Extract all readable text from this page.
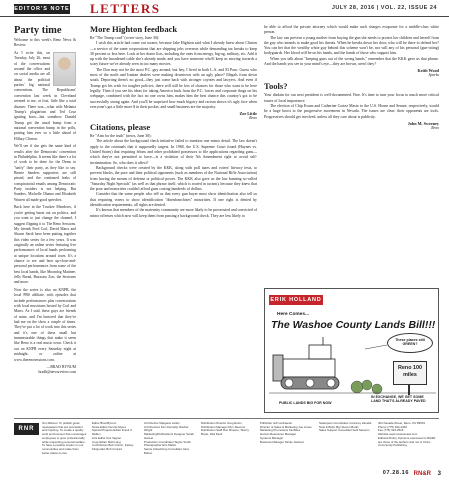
EDITOR'S NOTE LETTERS	JULY 28, 2016 | VOL. 22, ISSUE 24
Party time

Welcome to this week's Reno News & Review.

As I write this, on Tuesday, July 26, most of the conversations around the office and on social media are all about the political parties' big national conventions. The Republicans' convention last week in Cleveland seemed to me, at first, little like a total disaster. There was—what with Melania Trump's plagiarism and Ted Cruz igniting boos—but somehow Donald Trump got the usual bump from a national convention bump in the polls, putting him ever so a little ahead of Hillary Clinton.

We'll see if she gets the same kind of results after the Democrats' convention in Philadelphia. It seems like there's a lot of work to be done for the Dems to "unify" their party, as they like to say. Bernie Sanders supporters are still pissed, and the continued leaks of conspiratorial emails among Democratic Party insiders is not helping. But Sanders, Michelle Obama and Elizabeth Warren all made good speeches.

Back here in the Truckee Meadows, if you're getting burnt out on politics, and you want to just change the channel, I suggest flipping it to The Reno Sessions. My friends Ford Corl, David Marrs and Shawn Sardi have been putting together this video series for a few years. It was originally an online series featuring live performances of local bands performing at unique locations around town. It's a chance to see and hear up-close-and-personal performances from some of the best local bands, like Moondog Matinee, Jelly Bread, Buzzsaw Zoo, the Sextones and more.

Now the series is also on KNPB, the local PBS affiliate, with episodes that include performances plus conversations with local musicians hosted by Corl and Marrs. As I said, these guys are friends of mine, and I'm honored that they've had me on the show a couple of times. They've put a lot of work into this series and it's one of these small but immeasurable things that make it seem like Reno is a real music town. Check it out on KNPB every Saturday night at midnight, or online at www.therenosessions.com.

—BRAD BYNUM
bradb@newsreview.com
More Highton feedback

Re "The Trump card" (cover story, June 30):

I wish this article had come out sooner, because Jake Highton said what I already knew about Clinton—a service of the same corporations that are shipping jobs overseas while demanding tax breaks to keep 30 percent or less here. Look at her donor lists, including the ones from energy, big-ag, military, etc. Add it up with the broadened cable she's already made, and you have someone who'll keep us moving towards a scary future we've already seen in too many movies.

The Don may not be the most P.C. guy around, but hey, I lived in both L.A. and El Paso. Guess who most of the north and Iranian dealers were making downtown with an ugly place? Illegals from down south. Deporting them's no good—they just come back with stronger coyotes and lawyers. And even if Trump got his wish for tougher policies, there will still be lots of chances for those who want to be here legally. Then if you see his ideas for taking America back from the P.C. forces and corporate thugs on his webpage, combined with the fact no one owns him, makes him the best chance this country's got to be successfully strong again. And you'll be surprised how much bigotry and racism shows it's ugly face when everyone's got a little more $ in their pocket, and small business are the majority.

Zoe Little
Reno
Citations, please

Re "Aim for the truth" (news, June 30):

The article about the background check initiative failed to mention one minor detail. The law doesn't apply to the criminals that it supposedly targets. In 1968, the U.S. Supreme Court found (Haynes vs. United States) that requiring felons and other prohibited possessors to file applications regarding guns—which they're not permitted to have—is a violation of their 5th Amendment right to avoid self-incrimination. So, who does it affect?

Background checks were created by the KKK, along with poll taxes and voters' literacy tests, to prevent blacks, the poor and their political opponents (such as members of the National Rifle Association) from having the means of defense or political power. The KKK also gave us the law banning so-called "Saturday Night Specials" (as well as that phrase itself, which is rooted in racism), because they knew that the poor and minorities couldn't afford guns costing hundreds of dollars.

Consider that the same people who tell us that every gun buyer must show identification also tell us that requiring voters to show identification "disenfranchises" minorities. If one right is denied by identification requirements, all rights are denied.

It's known that members of the maternity community are more likely to be prosecuted and convicted of minor offenses which now will keep them from passing a background check. They are less likely to

be able to afford the private attorney which would make such charges evaporate for a middle-class white person.

The law can prevent a young mother from buying the gun she needs to protect her children and herself from the guy who intends to make good his threats. When he breaks down her door, who will be there to defend her? You can bet that the wealthy white guy behind this scheme won't be, nor will any of his personal (gun-toting) bodyguards. Her blood will be on his hands, and the hands of those who support him.

When you talk about "keeping guns out of the wrong hands," remember that the KKK gave us that phrase. And the hands you see in your mind's eye—they are brown, aren't they?

Keith Wood
Sparks
Tools?

Your disdain for our next president is well-documented. Fine. It's time to turn your focus to much more critical issues of local importance.

The election of Chip Evans and Catherine Cortez Masto to the U.S. House and Senate, respectively, would be a huge boost to the progressive movement in Nevada. The issues are clear; their opponents are tools. Progressives should get involved, unless all they care about is publicity.

John M. Sweeney
Reno
ERIK HOLLAND
Here Comes...
The Washoe County Lands Bill!!!
These places still GREEN?
Reno 100 miles
PUBLIC LANDS BIG FOR NOW
IN EXCHANGE, WE GET SOME LAND THAT'S ALREADY PAVED
RNR
Our Mission: To publish great newspapers that are successful and inspiring. To create a quality work environment that encourages employees to grow professionally while respecting personal welfare. To have a positive impact on our communities and make them better places to live.
Editor Brad Bynum
News Editor Dennis Myers
Special Projects Editor Frank X. Mullen
Arts Editor Kris Vagner
Copy Editor Matt Lang
Contributors Bob Grimm, Kelsey Fitzgerald, Bob Conrad
Art Director Margaret Larkin
Art Directors Kim Donnelly, Rachel Wright
Marketing/Publications Designer Sarah Hansel
Production Coordinator Skyler Smith
Photographer Eric Marks
Senior Advertising Consultant Gina Bolton
Distribution Director Greg Erwin
Distribution Manager Ron Stevens
Distribution Staff Ron Browne, Sherry Boyle, Rita Deck
Publisher Jeff vonKaenel
Director of Sales & Marketing Joe Jones
Marketing Promotions Facilities
Human Resources Manager
Systems Manager
Business Manager Nicole Jackson
Swampers Coordinator Courtney Zanella
Nuts & Bolts Mgr Steven Burks
Sales Support Consultant Kelli Sansom
401 Nevada Street, Reno, NV 89501
Phone (775) 324-4440
Fax (775) 324-2515
Website www.newsreview.com
Editorial Policy Opinions expressed in RN&R are those of the authors and not of Chico Community Publishing.
07.28.16 RN&R 3
